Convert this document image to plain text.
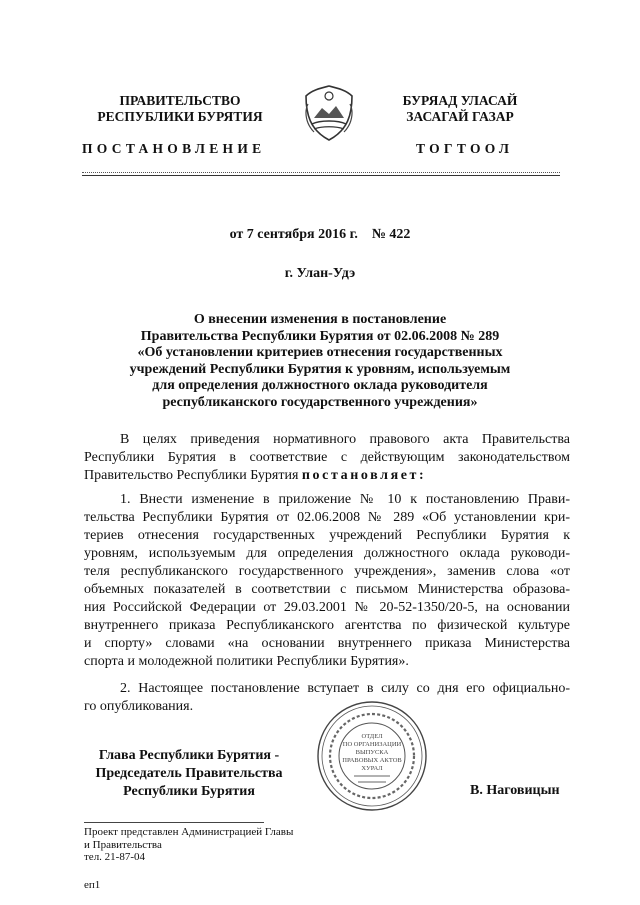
ПРАВИТЕЛЬСТВО
РЕСПУБЛИКИ БУРЯТИЯ
БУРЯАД УЛАСАЙ
ЗАСАГАЙ ГАЗАР
ПОСТАНОВЛЕНИЕ	ТОГТООЛ
от 7 сентября 2016 г.    № 422
г. Улан-Удэ
О внесении изменения в постановление
Правительства Республики Бурятия от 02.06.2008 № 289
«Об установлении критериев отнесения государственных
учреждений Республики Бурятия к уровням, используемым
для определения должностного оклада руководителя
республиканского государственного учреждения»
В целях приведения нормативного правового акта Правительства
Республики Бурятия в соответствие с действующим законодательством
Правительство Республики Бурятия постановляет:
1. Внести изменение в приложение № 10 к постановлению Прави-
тельства Республики Бурятия от 02.06.2008 № 289 «Об установлении кри-
териев отнесения государственных учреждений Республики Бурятия к
уровням, используемым для определения должностного оклада руководи-
теля республиканского государственного учреждения», заменив слова «от
объемных показателей в соответствии с письмом Министерства образова-
ния Российской Федерации от 29.03.2001 № 20-52-1350/20-5, на основании
внутреннего приказа Республиканского агентства по физической культуре
и спорту» словами «на основании внутреннего приказа Министерства
спорта и молодежной политики Республики Бурятия».
2. Настоящее постановление вступает в силу со дня его официально-
го опубликования.
ОТДЕЛ
ПО ОРГАНИЗАЦИИ
ВЫПУСКА
ПРАВОВЫХ АКТОВ
ХУРАЛ
Глава Республики Бурятия -
Председатель Правительства
Республики Бурятия	В. Наговицын
Проект представлен Администрацией Главы
и Правительства
тел. 21-87-04
еп1
